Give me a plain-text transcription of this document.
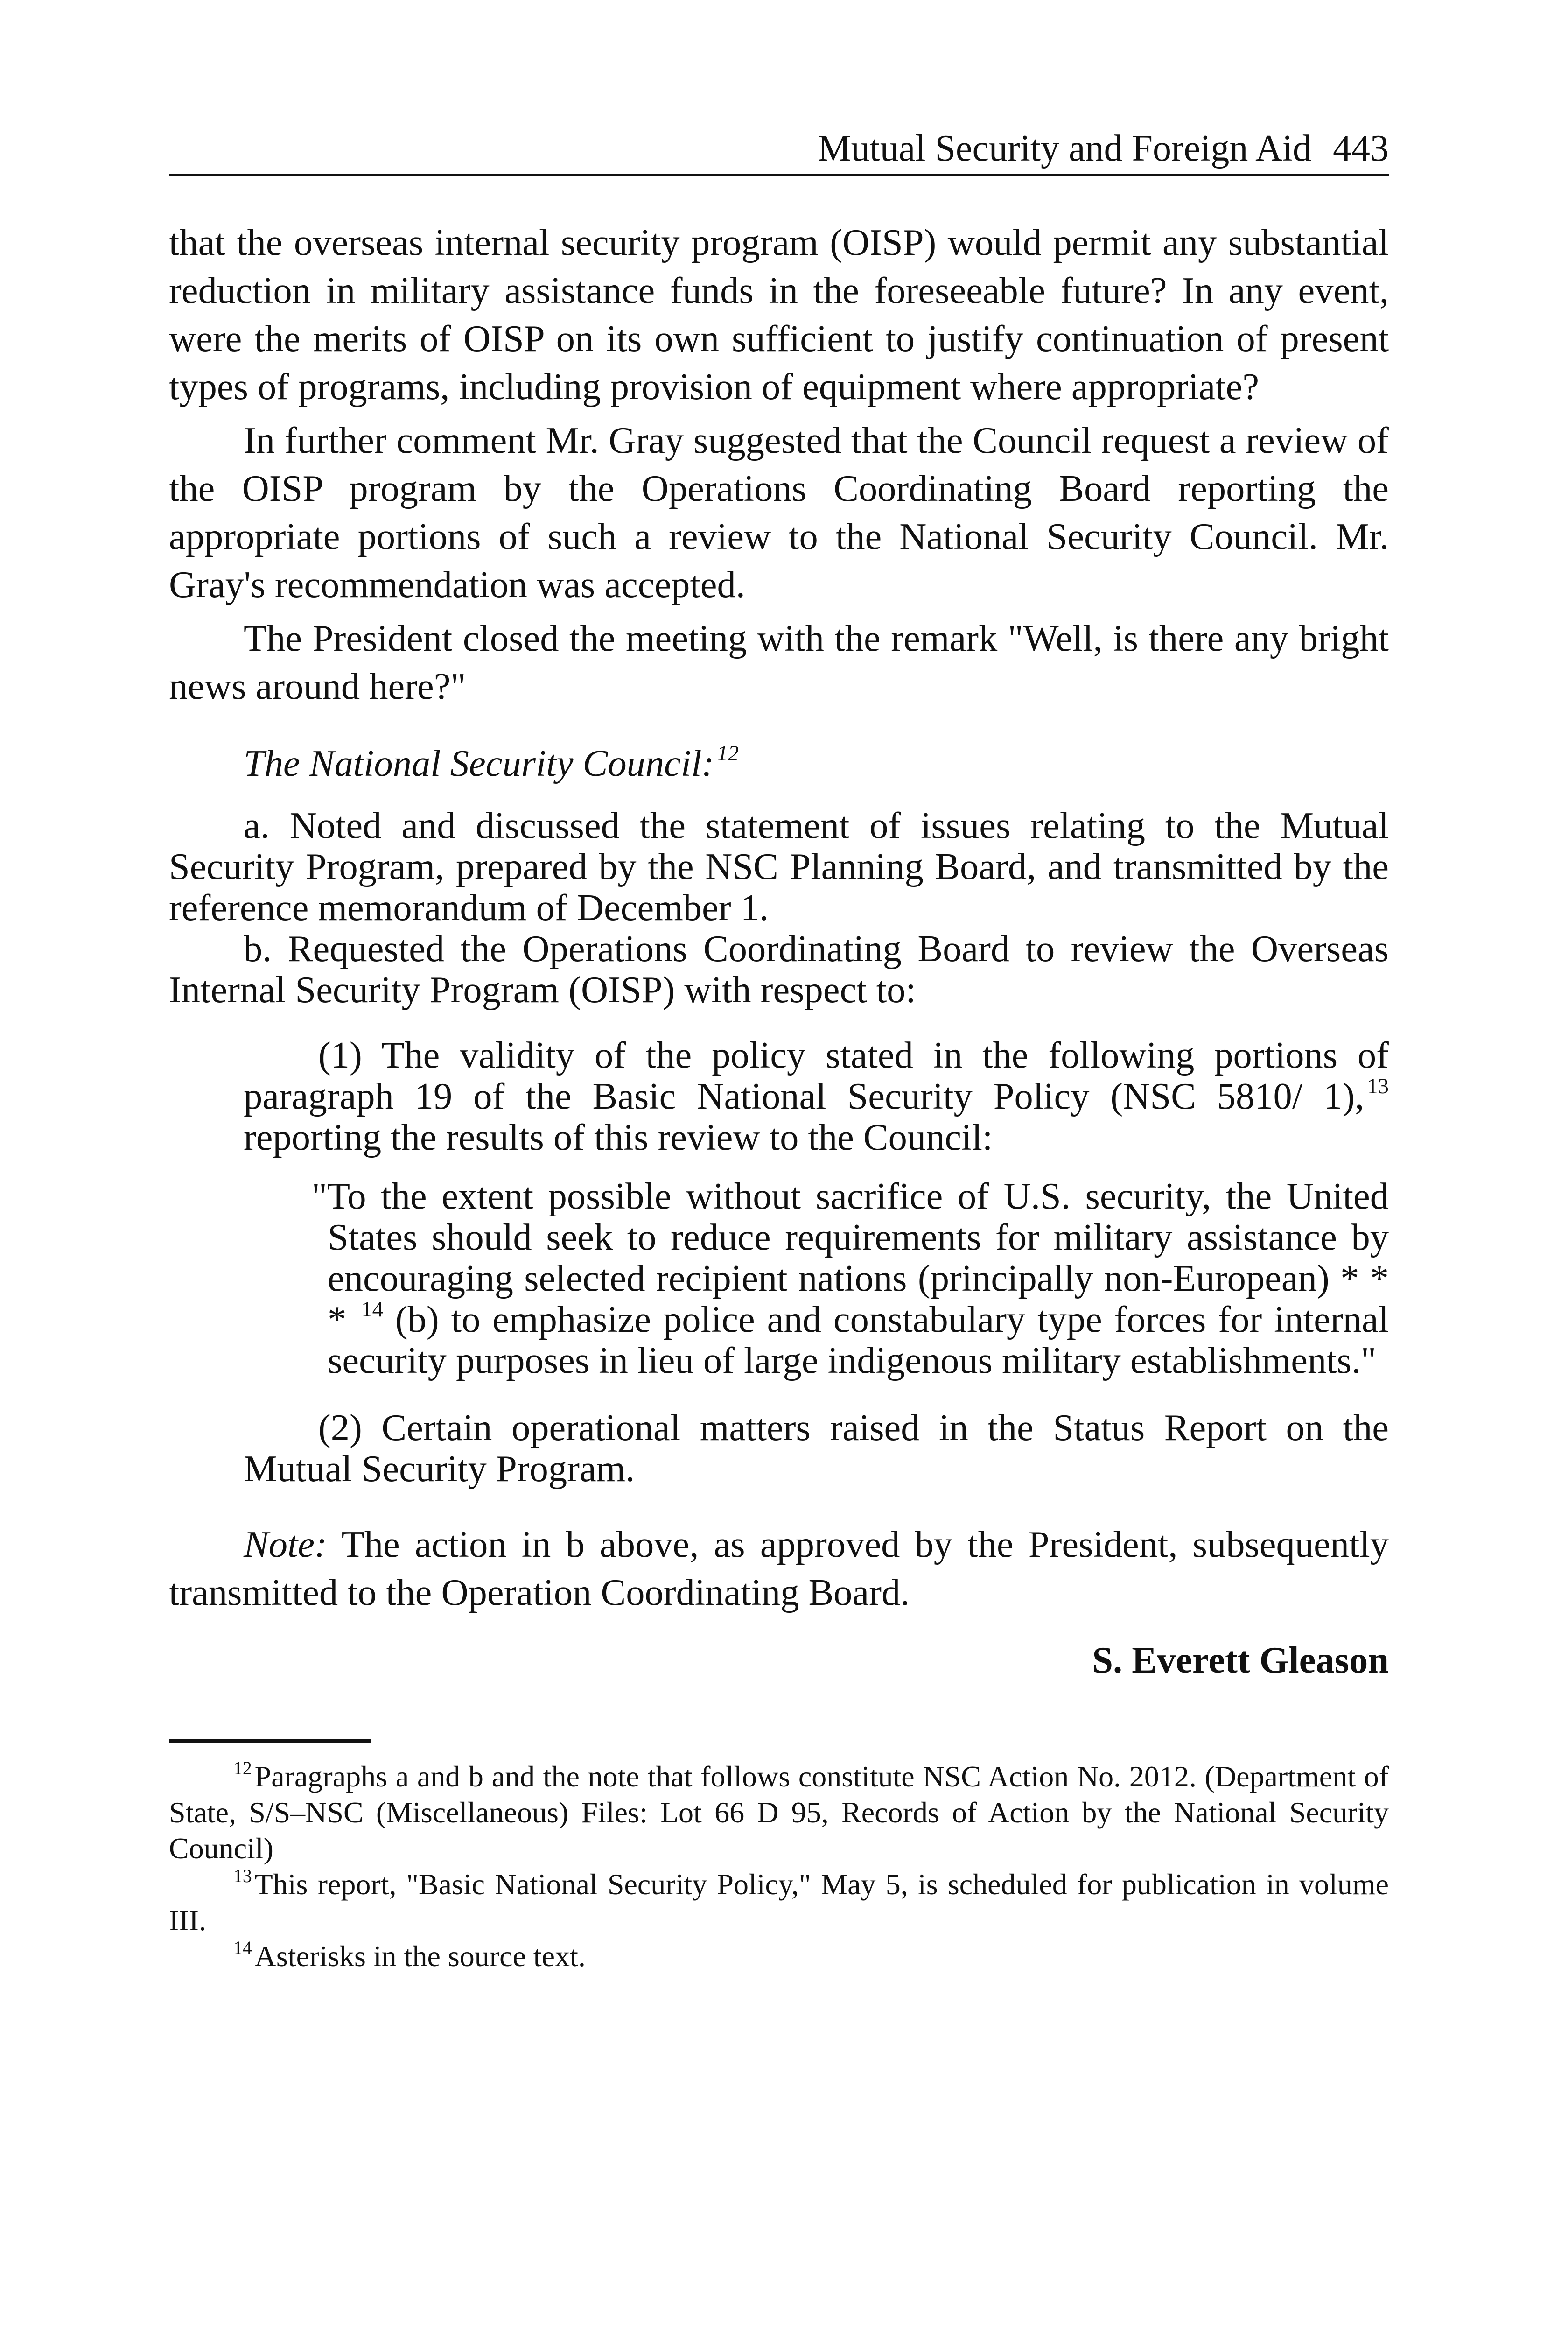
Mutual Security and Foreign Aid 443

that the overseas internal security program (OISP) would permit any substantial reduction in military assistance funds in the foreseeable future? In any event, were the merits of OISP on its own sufficient to justify continuation of present types of programs, including provision of equipment where appropriate?

In further comment Mr. Gray suggested that the Council request a review of the OISP program by the Operations Coordinating Board reporting the appropriate portions of such a review to the National Security Council. Mr. Gray's recommendation was accepted.

The President closed the meeting with the remark "Well, is there any bright news around here?"

The National Security Council: $^{12}$

a. Noted and discussed the statement of issues relating to the Mutual Security Program, prepared by the NSC Planning Board, and transmitted by the reference memorandum of December 1.

b. Requested the Operations Coordinating Board to review the Overseas Internal Security Program (OISP) with respect to:

(1) The validity of the policy stated in the following portions of paragraph 19 of the Basic National Security Policy (NSC 5810/ 1), $^{13}$ reporting the results of this review to the Council:

"To the extent possible without sacrifice of U.S. security, the United States should seek to reduce requirements for military assistance by encouraging selected recipient nations (principally non-European) * * * $^{14}$ (b) to emphasize police and constabulary type forces for internal security purposes in lieu of large indigenous military establishments."

(2) Certain operational matters raised in the Status Report on the Mutual Security Program.

Note: The action in b above, as approved by the President, subsequently transmitted to the Operation Coordinating Board.

S. Everett Gleason

$^{12}$Paragraphs a and b and the note that follows constitute NSC Action No. 2012. (Department of State, S/S–NSC (Miscellaneous) Files: Lot 66 D 95, Records of Action by the National Security Council)

$^{13}$This report, "Basic National Security Policy," May 5, is scheduled for publication in volume III.

$^{14}$Asterisks in the source text.
